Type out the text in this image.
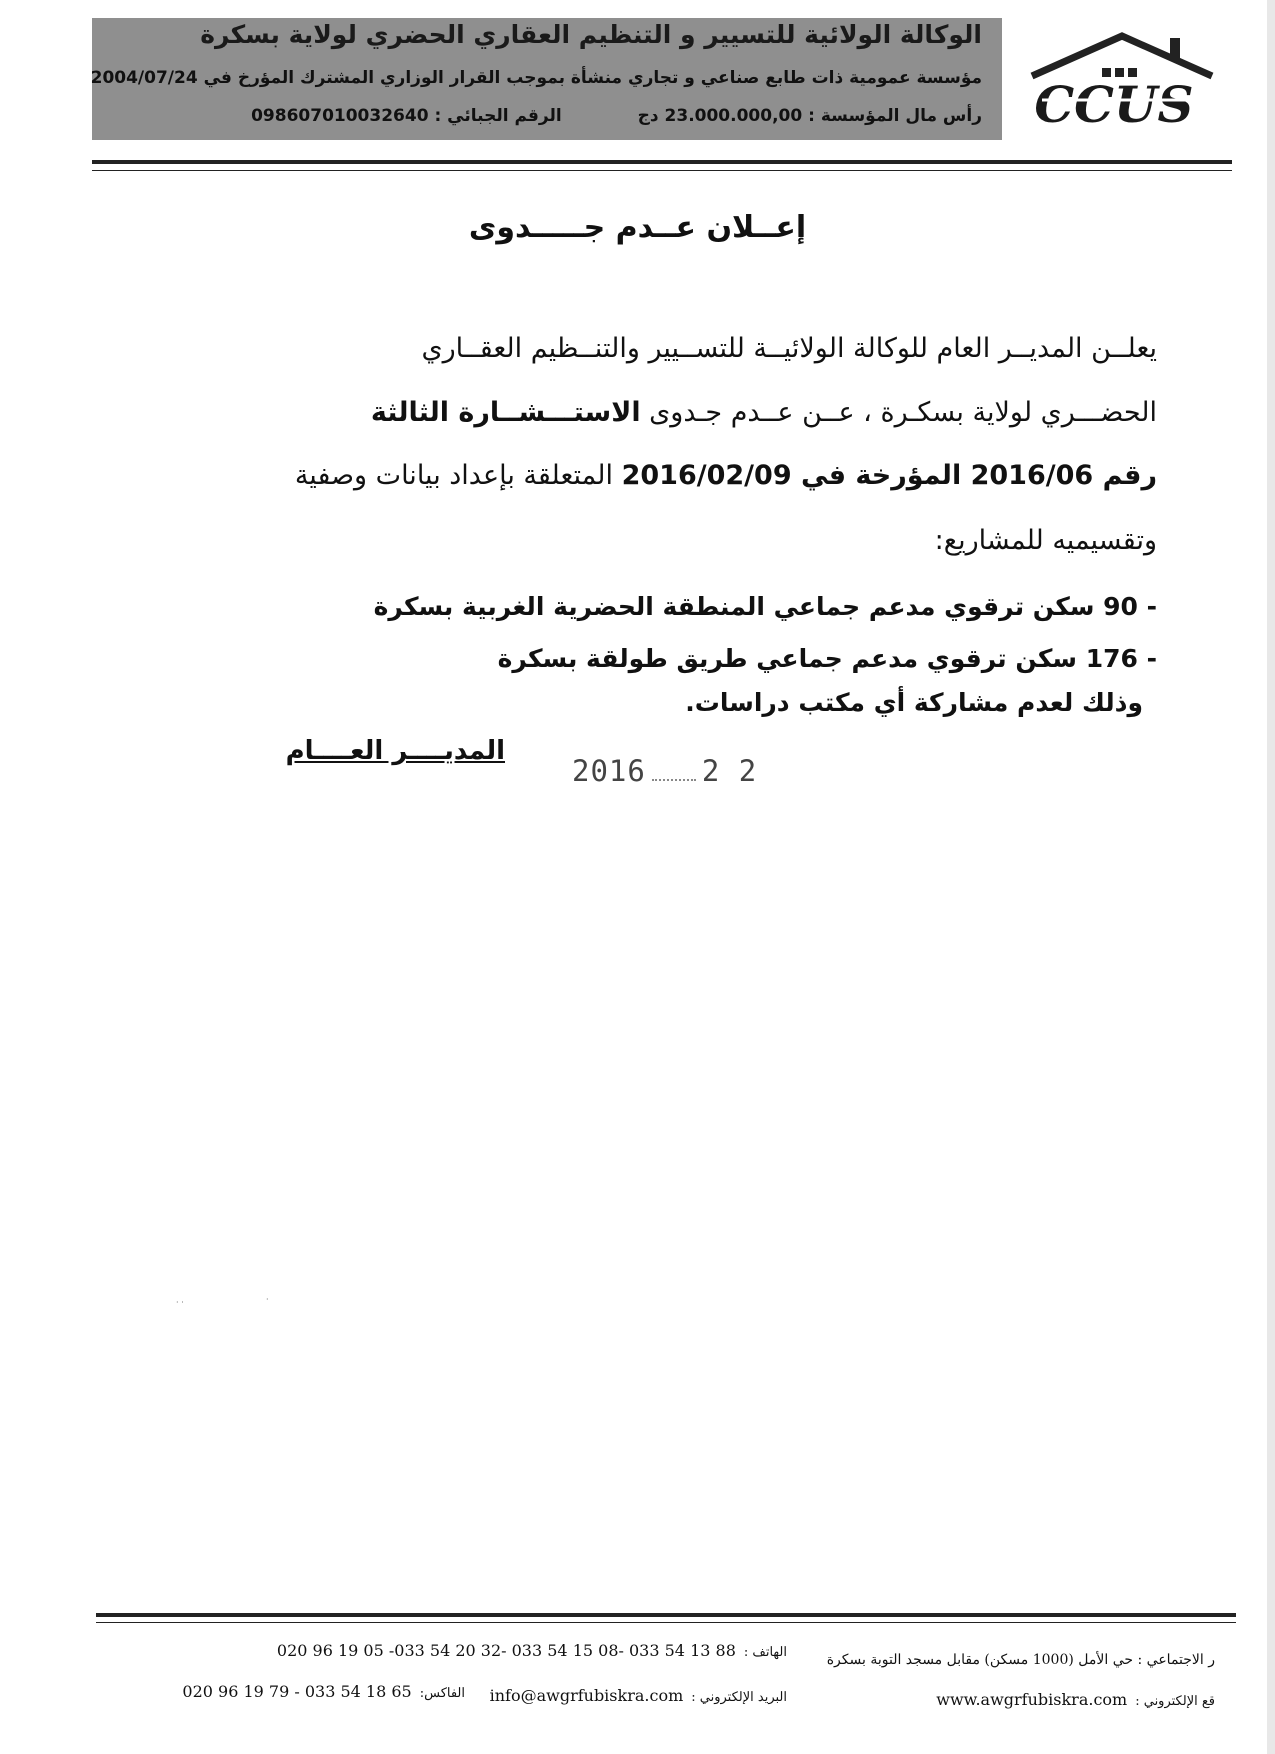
الوكالة الولائية للتسيير و التنظيم العقاري الحضري لولاية بسكرة
مؤسسة عمومية ذات طابع صناعي و تجاري منشأة بموجب القرار الوزاري المشترك المؤرخ في 2004/07/24
رأس مال المؤسسة : 23.000.000,00 دج الرقم الجبائي : 098607010032640	CCUS
إعــلان عــدم جـــــدوى
يعلــن المديــر العام للوكالة الولائيــة للتســيير والتنــظيم العقــاري
الحضـــري لولاية بسكـرة ، عــن عــدم جـدوى الاستـــشــارة الثالثة
رقم 2016/06 المؤرخة في 2016/02/09 المتعلقة بإعداد بيانات وصفية
وتقسيميه للمشاريع:
- 90 سكن ترقوي مدعم جماعي المنطقة الحضرية الغربية بسكرة
- 176 سكن ترقوي مدعم جماعي طريق طولقة بسكرة
وذلك لعدم مشاركة أي مكتب دراسات.
المديــــر العــــام
2016 2 2
· ·	·
الهاتف :020 96 19 05 -033 54 20 32- 033 54 15 08- 033 54 13 88	ر الاجتماعي : حي الأمل (1000 مسكن) مقابل مسجد التوبة بسكرة
قع الإلكتروني :www.awgrfubiskra.com
البريد الإلكتروني :info@awgrfubiskra.com
الفاكس:020 96 19 79 - 033 54 18 65
